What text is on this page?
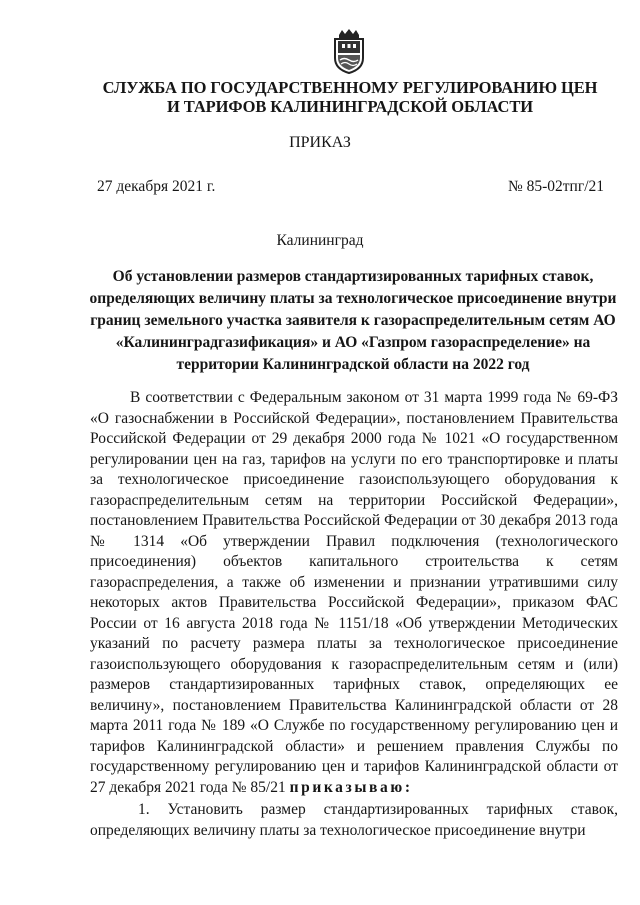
СЛУЖБА ПО ГОСУДАРСТВЕННОМУ РЕГУЛИРОВАНИЮ ЦЕН
И ТАРИФОВ КАЛИНИНГРАДСКОЙ ОБЛАСТИ
ПРИКАЗ
27 декабря 2021 г.	№ 85-02тпг/21
Калининград
Об установлении размеров стандартизированных тарифных ставок, определяющих величину платы за технологическое присоединение внутри границ земельного участка заявителя к газораспределительным сетям АО «Калининградгазификация» и АО «Газпром газораспределение» на территории Калининградской области на 2022 год

В соответствии с Федеральным законом от 31 марта 1999 года № 69-ФЗ «О газоснабжении в Российской Федерации», постановлением Правительства Российской Федерации от 29 декабря 2000 года № 1021 «О государственном регулировании цен на газ, тарифов на услуги по его транспортировке и платы за технологическое присоединение газоиспользующего оборудования к газораспределительным сетям на территории Российской Федерации», постановлением Правительства Российской Федерации от 30 декабря 2013 года № 1314 «Об утверждении Правил подключения (технологического присоединения) объектов капитального строительства к сетям газораспределения, а также об изменении и признании утратившими силу некоторых актов Правительства Российской Федерации», приказом ФАС России от 16 августа 2018 года № 1151/18 «Об утверждении Методических указаний по расчету размера платы за технологическое присоединение газоиспользующего оборудования к газораспределительным сетям и (или) размеров стандартизированных тарифных ставок, определяющих ее величину», постановлением Правительства Калининградской области от 28 марта 2011 года № 189 «О Службе по государственному регулированию цен и тарифов Калининградской области» и решением правления Службы по государственному регулированию цен и тарифов Калининградской области от 27 декабря 2021 года № 85/21 приказываю:

1. Установить размер стандартизированных тарифных ставок, определяющих величину платы за технологическое присоединение внутри
